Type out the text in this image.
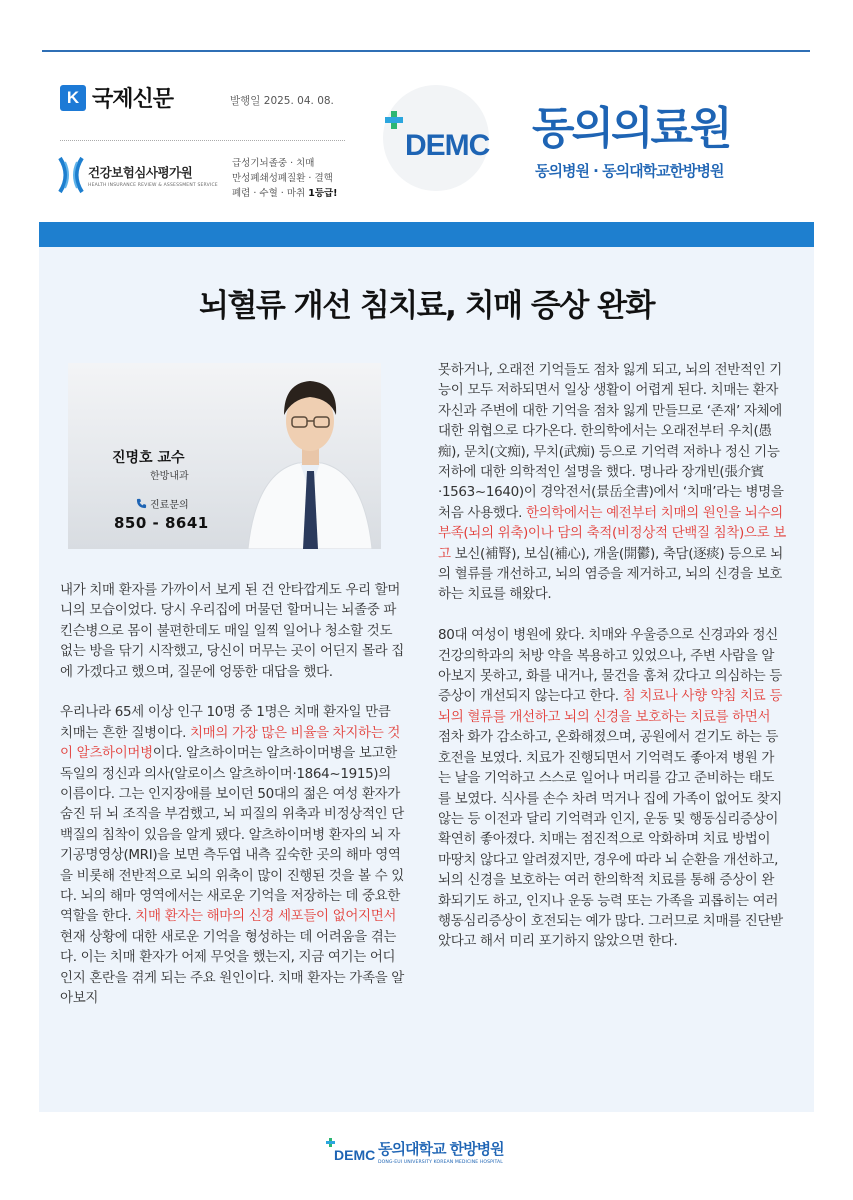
K 국제신문	발행일 2025. 04. 08.
건강보험심사평가원
HEALTH INSURANCE REVIEW & ASSESSMENT SERVICE
급성기뇌졸중 · 치매
만성폐쇄성폐질환 · 결핵
폐렴 · 수혈 · 마취 1등급!
DEMC 동의의료원
동의병원 · 동의대학교한방병원
뇌혈류 개선 침치료, 치매 증상 완화
진명호 교수
한방내과
진료문의
850 - 8641

내가 치매 환자를 가까이서 보게 된 건 안타깝게도 우리 할머니의 모습이었다. 당시 우리집에 머물던 할머니는 뇌졸중 파킨슨병으로 몸이 불편한데도 매일 일찍 일어나 청소할 것도 없는 방을 닦기 시작했고, 당신이 머무는 곳이 어딘지 몰라 집에 가겠다고 했으며, 질문에 엉뚱한 대답을 했다.

우리나라 65세 이상 인구 10명 중 1명은 치매 환자일 만큼 치매는 흔한 질병이다. 치매의 가장 많은 비율을 차지하는 것이 알츠하이머병이다. 알츠하이머는 알츠하이머병을 보고한 독일의 정신과 의사(알로이스 알츠하이머·1864~1915)의 이름이다. 그는 인지장애를 보이던 50대의 젊은 여성 환자가 숨진 뒤 뇌 조직을 부검했고, 뇌 피질의 위축과 비정상적인 단백질의 침착이 있음을 알게 됐다. 알츠하이머병 환자의 뇌 자기공명영상(MRI)을 보면 측두엽 내측 깊숙한 곳의 해마 영역을 비롯해 전반적으로 뇌의 위축이 많이 진행된 것을 볼 수 있다. 뇌의 해마 영역에서는 새로운 기억을 저장하는 데 중요한 역할을 한다. 치매 환자는 해마의 신경 세포들이 없어지면서 현재 상황에 대한 새로운 기억을 형성하는 데 어려움을 겪는다. 이는 치매 환자가 어제 무엇을 했는지, 지금 여기는 어디인지 혼란을 겪게 되는 주요 원인이다. 치매 환자는 가족을 알아보지

못하거나, 오래전 기억들도 점차 잃게 되고, 뇌의 전반적인 기능이 모두 저하되면서 일상 생활이 어렵게 된다. 치매는 환자 자신과 주변에 대한 기억을 점차 잃게 만들므로 ‘존재’ 자체에 대한 위협으로 다가온다. 한의학에서는 오래전부터 우치(愚痴), 문치(文痴), 무치(武痴) 등으로 기억력 저하나 정신 기능 저하에 대한 의학적인 설명을 했다. 명나라 장개빈(張介賓·1563~1640)이 경악전서(景岳全書)에서 ‘치매’라는 병명을 처음 사용했다. 한의학에서는 예전부터 치매의 원인을 뇌수의 부족(뇌의 위축)이나 담의 축적(비정상적 단백질 침착)으로 보고 보신(補腎), 보심(補心), 개울(開鬱), 축담(逐痰) 등으로 뇌의 혈류를 개선하고, 뇌의 염증을 제거하고, 뇌의 신경을 보호하는 치료를 해왔다.

80대 여성이 병원에 왔다. 치매와 우울증으로 신경과와 정신건강의학과의 처방 약을 복용하고 있었으나, 주변 사람을 알아보지 못하고, 화를 내거나, 물건을 훔쳐 갔다고 의심하는 등 증상이 개선되지 않는다고 한다. 침 치료나 사향 약침 치료 등 뇌의 혈류를 개선하고 뇌의 신경을 보호하는 치료를 하면서 점차 화가 감소하고, 온화해졌으며, 공원에서 걷기도 하는 등 호전을 보였다. 치료가 진행되면서 기억력도 좋아져 병원 가는 날을 기억하고 스스로 일어나 머리를 감고 준비하는 태도를 보였다. 식사를 손수 차려 먹거나 집에 가족이 없어도 찾지 않는 등 이전과 달리 기억력과 인지, 운동 및 행동심리증상이 확연히 좋아졌다. 치매는 점진적으로 악화하며 치료 방법이 마땅치 않다고 알려졌지만, 경우에 따라 뇌 순환을 개선하고, 뇌의 신경을 보호하는 여러 한의학적 치료를 통해 증상이 완화되기도 하고, 인지나 운동 능력 또는 가족을 괴롭히는 여러 행동심리증상이 호전되는 예가 많다. 그러므로 치매를 진단받았다고 해서 미리 포기하지 않았으면 한다.

DEMC 동의대학교 한방병원
DONG-EUI UNIVERSITY KOREAN MEDICINE HOSPITAL
